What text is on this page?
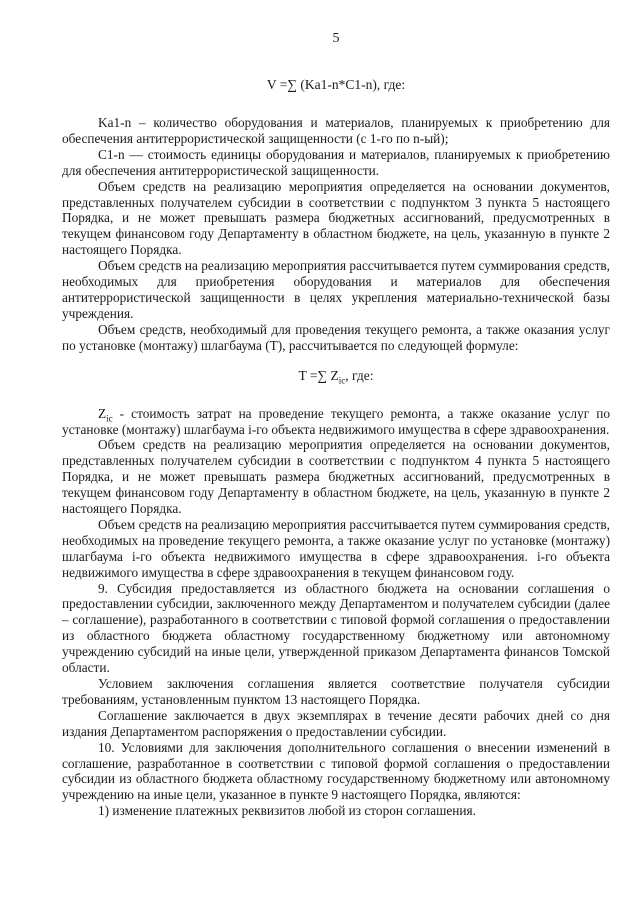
5
V =∑ (Ka1-n*C1-n), где:

Ka1-n – количество оборудования и материалов, планируемых к приобретению для обеспечения антитеррористической защищенности (с 1-го по n-ый);

C1-n — стоимость единицы оборудования и материалов, планируемых к приобретению для обеспечения антитеррористической защищенности.

Объем средств на реализацию мероприятия определяется на основании документов, представленных получателем субсидии в соответствии с подпунктом 3 пункта 5 настоящего Порядка, и не может превышать размера бюджетных ассигнований, предусмотренных в текущем финансовом году Департаменту в областном бюджете, на цель, указанную в пункте 2 настоящего Порядка.

Объем средств на реализацию мероприятия рассчитывается путем суммирования средств, необходимых для приобретения оборудования и материалов для обеспечения антитеррористической защищенности в целях укрепления материально-технической базы учреждения.

Объем средств, необходимый для проведения текущего ремонта, а также оказания услуг по установке (монтажу) шлагбаума (T), рассчитывается по следующей формуле:

T =∑ $Z_{ic}$, где:

$Z_{ic}$ - стоимость затрат на проведение текущего ремонта, а также оказание услуг по установке (монтажу) шлагбаума i-го объекта недвижимого имущества в сфере здравоохранения.

Объем средств на реализацию мероприятия определяется на основании документов, представленных получателем субсидии в соответствии с подпунктом 4 пункта 5 настоящего Порядка, и не может превышать размера бюджетных ассигнований, предусмотренных в текущем финансовом году Департаменту в областном бюджете, на цель, указанную в пункте 2 настоящего Порядка.

Объем средств на реализацию мероприятия рассчитывается путем суммирования средств, необходимых на проведение текущего ремонта, а также оказание услуг по установке (монтажу) шлагбаума i-го объекта недвижимого имущества в сфере здравоохранения. i-го объекта недвижимого имущества в сфере здравоохранения в текущем финансовом году.

9. Субсидия предоставляется из областного бюджета на основании соглашения о предоставлении субсидии, заключенного между Департаментом и получателем субсидии (далее – соглашение), разработанного в соответствии с типовой формой соглашения о предоставлении из областного бюджета областному государственному бюджетному или автономному учреждению субсидий на иные цели, утвержденной приказом Департамента финансов Томской области.

Условием заключения соглашения является соответствие получателя субсидии требованиям, установленным пунктом 13 настоящего Порядка.

Соглашение заключается в двух экземплярах в течение десяти рабочих дней со дня издания Департаментом распоряжения о предоставлении субсидии.

10. Условиями для заключения дополнительного соглашения о внесении изменений в соглашение, разработанное в соответствии с типовой формой соглашения о предоставлении субсидии из областного бюджета областному государственному бюджетному или автономному учреждению на иные цели, указанное в пункте 9 настоящего Порядка, являются:

1) изменение платежных реквизитов любой из сторон соглашения.
